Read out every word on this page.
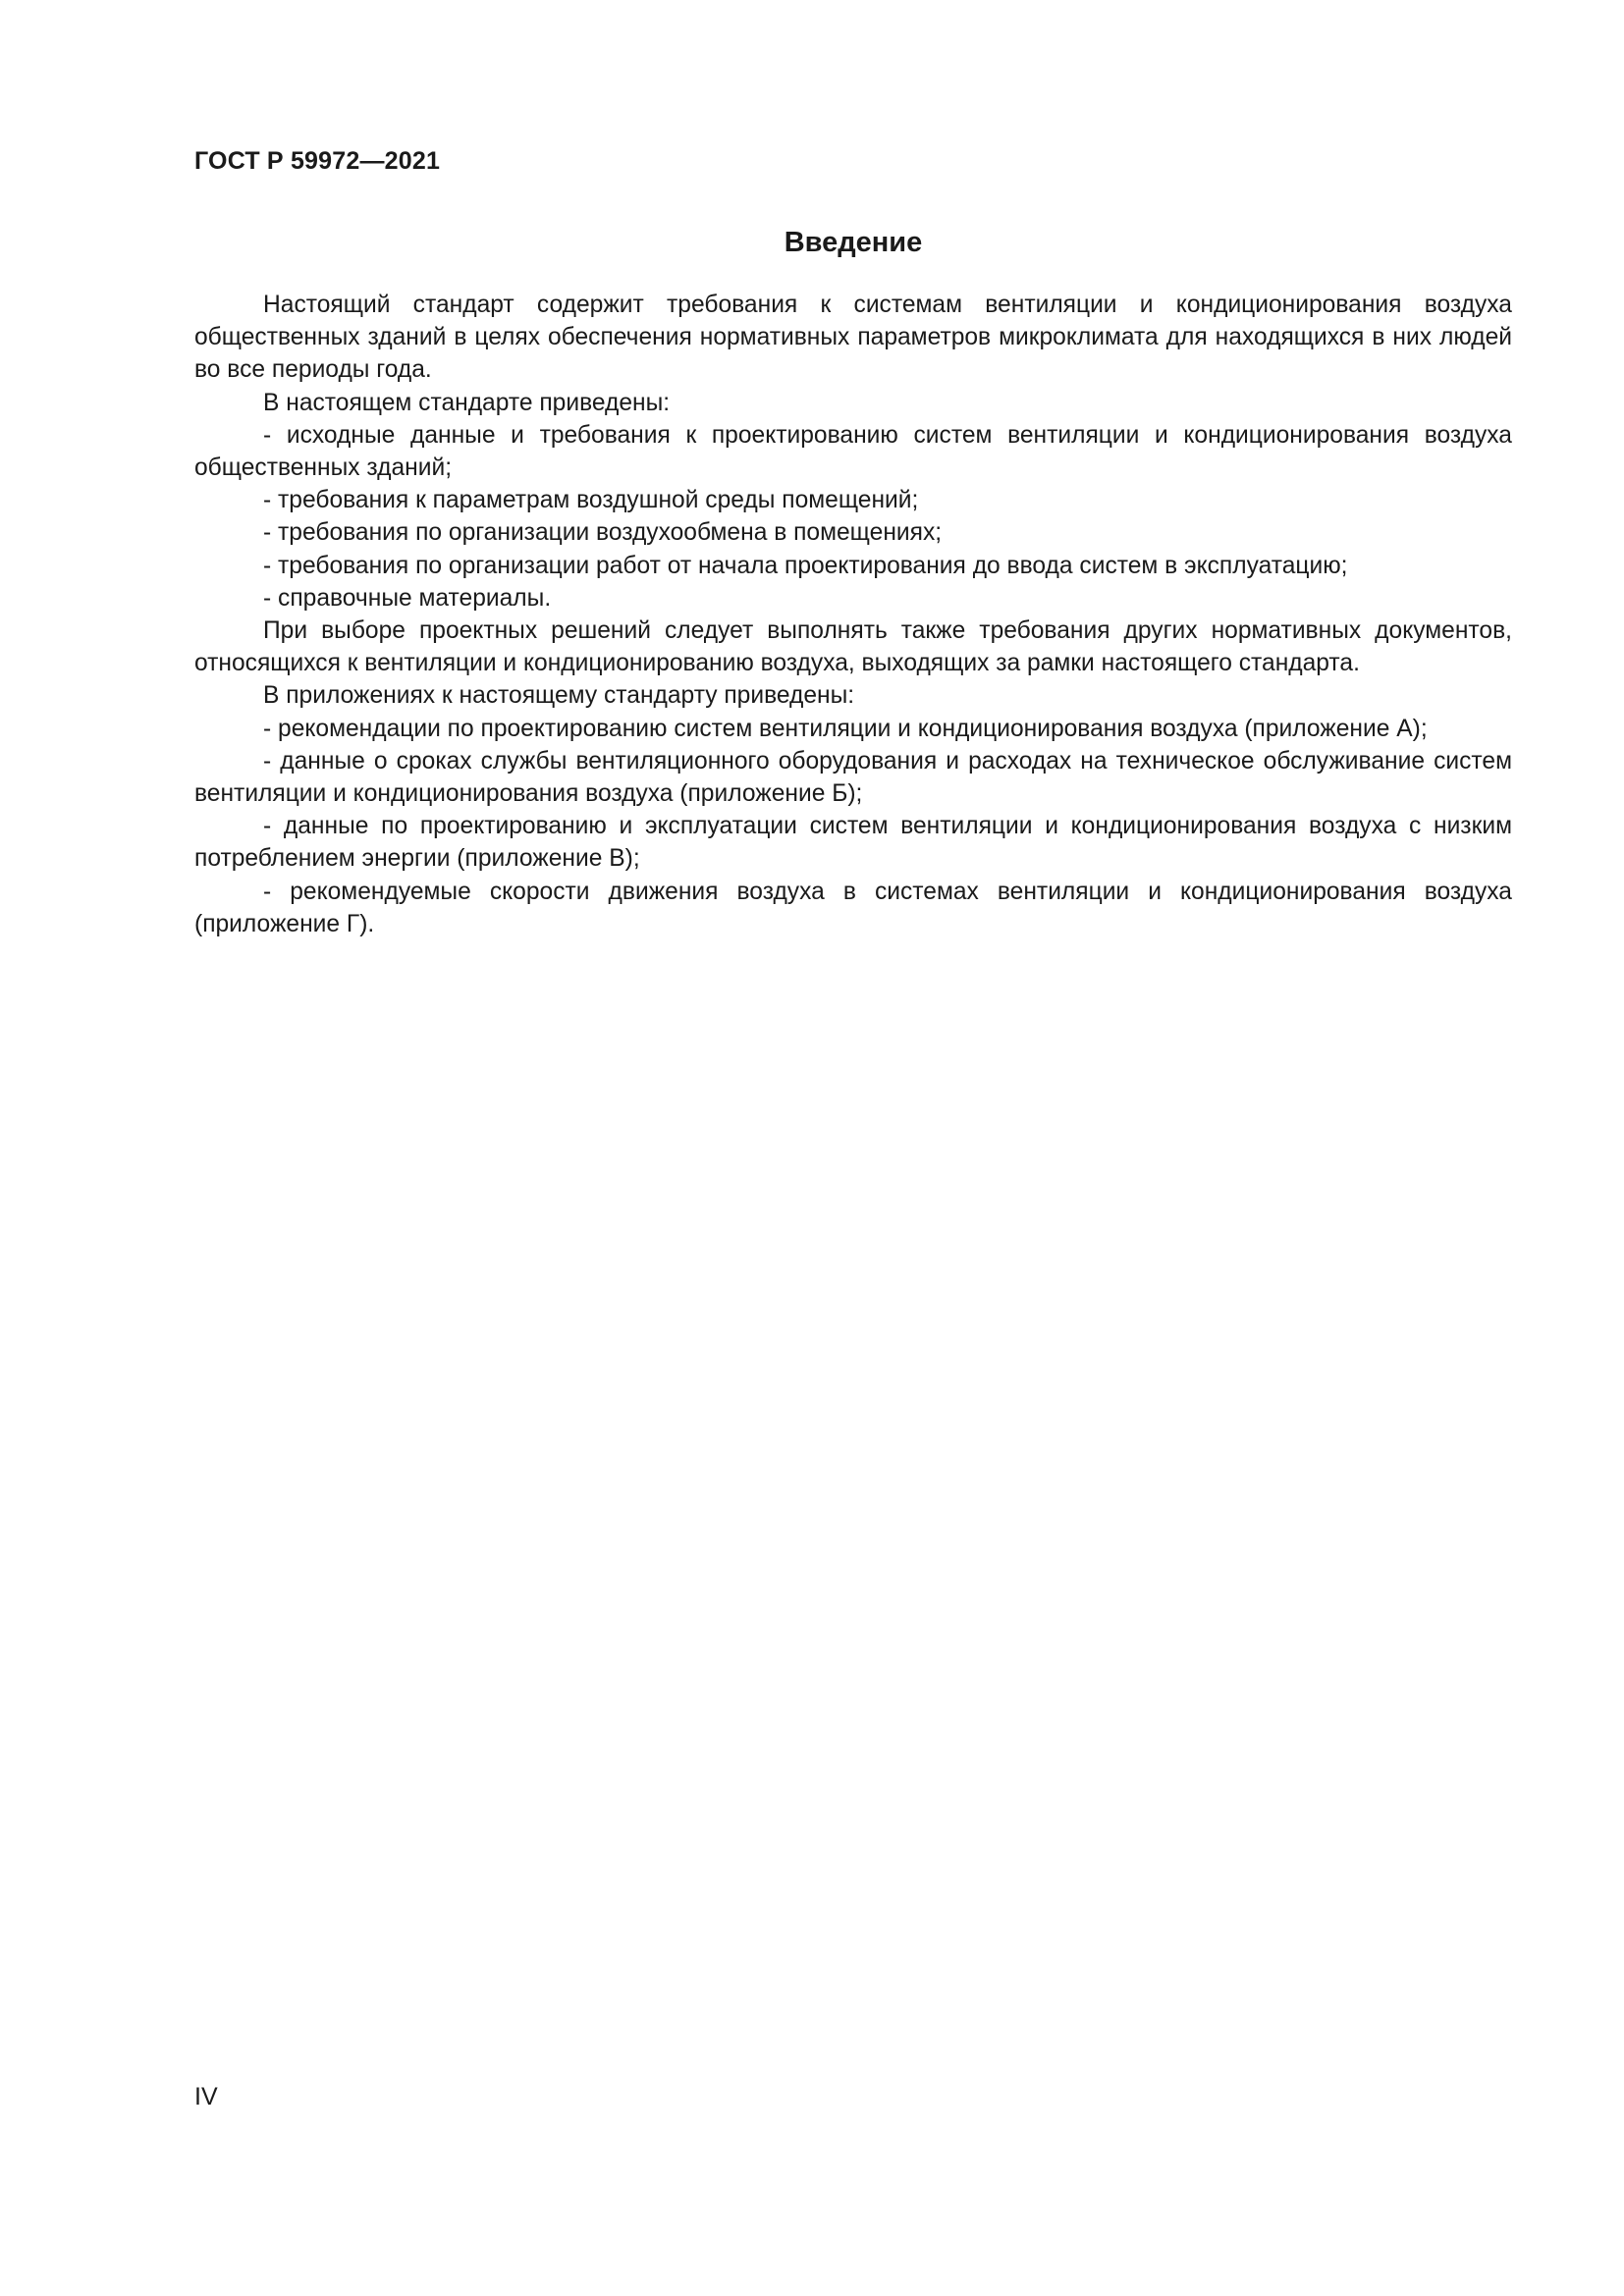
ГОСТ Р 59972—2021
Введение

Настоящий стандарт содержит требования к системам вентиляции и кондиционирования воздуха общественных зданий в целях обеспечения нормативных параметров микроклимата для находящихся в них людей во все периоды года.

В настоящем стандарте приведены:

- исходные данные и требования к проектированию систем вентиляции и кондиционирования воздуха общественных зданий;

- требования к параметрам воздушной среды помещений;

- требования по организации воздухообмена в помещениях;

- требования по организации работ от начала проектирования до ввода систем в эксплуатацию;

- справочные материалы.

При выборе проектных решений следует выполнять также требования других нормативных документов, относящихся к вентиляции и кондиционированию воздуха, выходящих за рамки настоящего стандарта.

В приложениях к настоящему стандарту приведены:

- рекомендации по проектированию систем вентиляции и кондиционирования воздуха (приложение А);

- данные о сроках службы вентиляционного оборудования и расходах на техническое обслуживание систем вентиляции и кондиционирования воздуха (приложение Б);

- данные по проектированию и эксплуатации систем вентиляции и кондиционирования воздуха с низким потреблением энергии (приложение В);

- рекомендуемые скорости движения воздуха в системах вентиляции и кондиционирования воздуха (приложение Г).

IV
